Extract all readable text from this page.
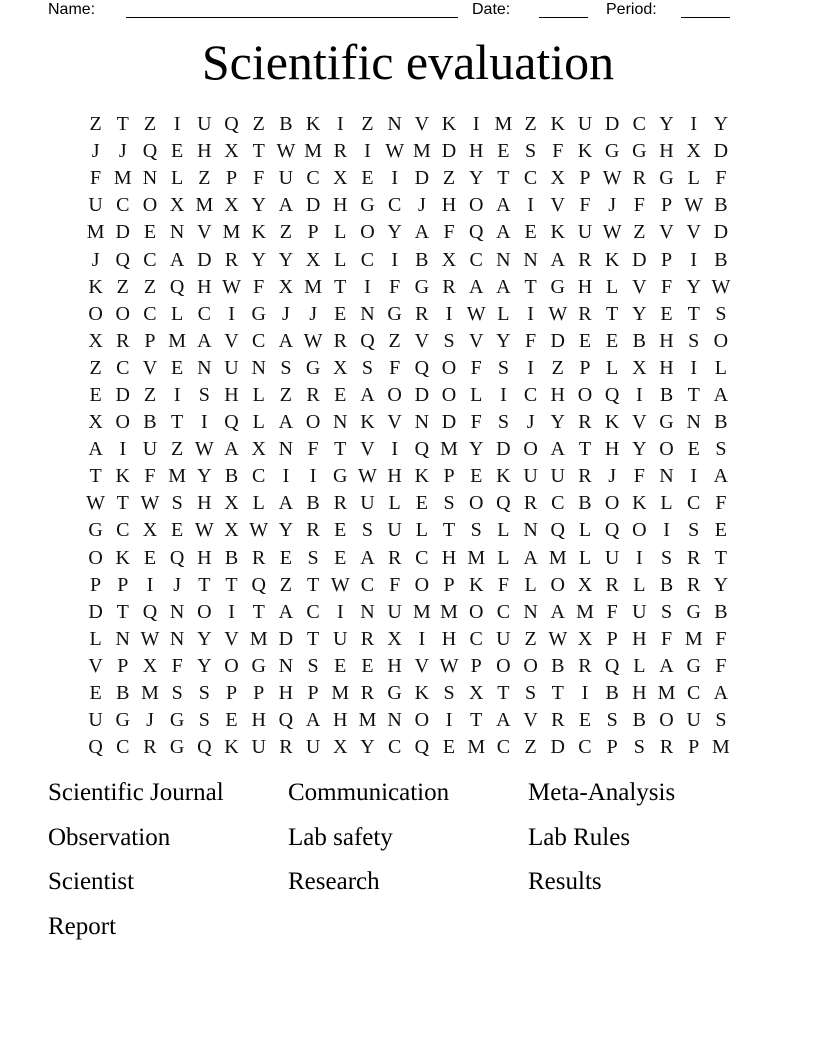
Name:	Date:	Period:
Scientific evaluation
Z T Z I U Q Z B K I Z N V K I M Z K U D C Y I Y
J J Q E H X T W M R I W M D H E S F K G G H X D
F M N L Z P F U C X E I D Z Y T C X P W R G L F
U C O X M X Y A D H G C J H O A I V F J F P W B
M D E N V M K Z P L O Y A F Q A E K U W Z V V D
J Q C A D R Y Y X L C I B X C N N A R K D P I B
K Z Z Q H W F X M T I F G R A A T G H L V F Y W
O O C L C I G J J E N G R I W L I W R T Y E T S
X R P M A V C A W R Q Z V S V Y F D E E B H S O
Z C V E N U N S G X S F Q O F S I Z P L X H I L
E D Z I S H L Z R E A O D O L I C H O Q I B T A
X O B T I Q L A O N K V N D F S J Y R K V G N B
A I U Z W A X N F T V I Q M Y D O A T H Y O E S
T K F M Y B C I	I G W H K P E K U U R J F N I A
W T W S H X L A B R U L E S O Q R C B O K L C F
G C X E W X W Y R E S U L T S L N Q L Q O I S E
O K E Q H B R E S E A R C H M L A M L U I S R T
P P I J T T Q Z T W C F O P K F L O X R L B R Y
D T Q N O I T A C I N U M M O C N A M F U S G B
L N W N Y V M D T U R X I H C U Z W X P H F M F
V P X F Y O G N S E E H V W P O O B R Q L A G F
E B M S S P P H P M R G K S X T S T I B H M C A
U G J G S E H Q A H M N O I T A V R E S B O U S
Q C R G Q K U R U X Y C Q E M C Z D C P S R P M
Scientific Journal
Observation
Scientist
Report
Communication
Lab safety
Research
Meta-Analysis
Lab Rules
Results
